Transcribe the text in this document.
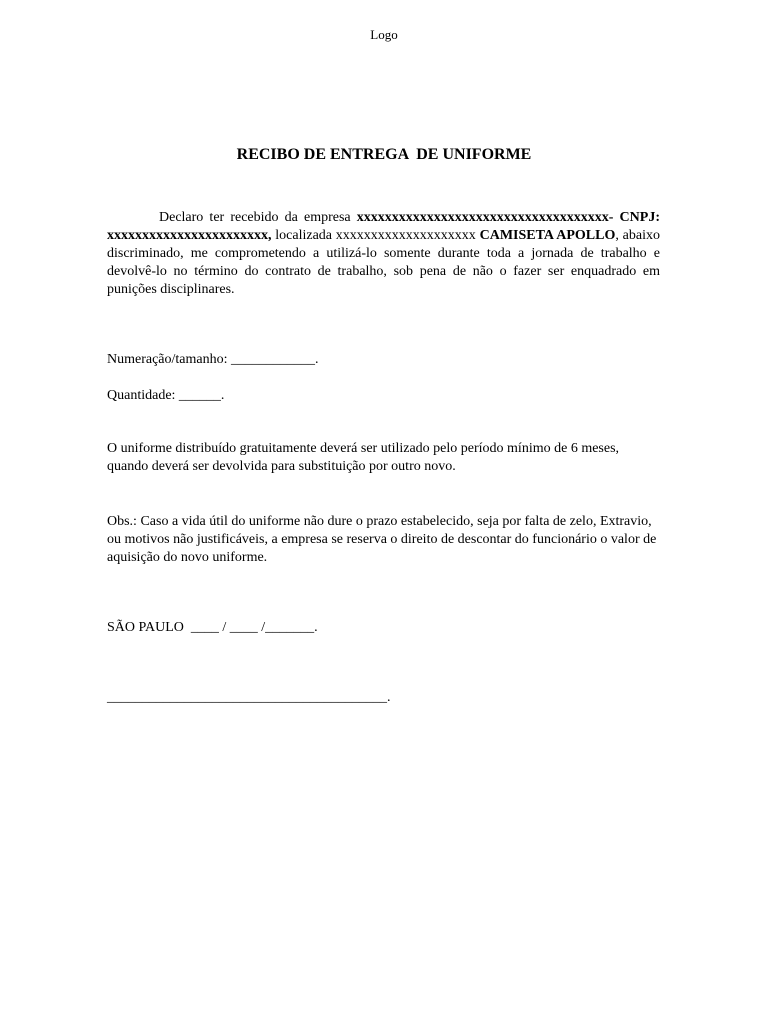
Logo
RECIBO DE ENTREGA  DE UNIFORME
Declaro ter recebido da empresa xxxxxxxxxxxxxxxxxxxxxxxxxxxxxxxxxxxx- CNPJ: xxxxxxxxxxxxxxxxxxxxxxx, localizada xxxxxxxxxxxxxxxxxxxx CAMISETA APOLLO, abaixo discriminado, me comprometendo a utilizá-lo somente durante toda a jornada de trabalho e devolvê-lo no término do contrato de trabalho, sob pena de não o fazer ser enquadrado em punições disciplinares.
Numeração/tamanho: ____________.
Quantidade: ______.
O uniforme distribuído gratuitamente deverá ser utilizado pelo período mínimo de 6 meses, quando deverá ser devolvida para substituição por outro novo.
Obs.: Caso a vida útil do uniforme não dure o prazo estabelecido, seja por falta de zelo, Extravio, ou motivos não justificáveis, a empresa se reserva o direito de descontar do funcionário o valor de aquisição do novo uniforme.
SÃO PAULO  ____ / ____ /_______.
________________________________________.
